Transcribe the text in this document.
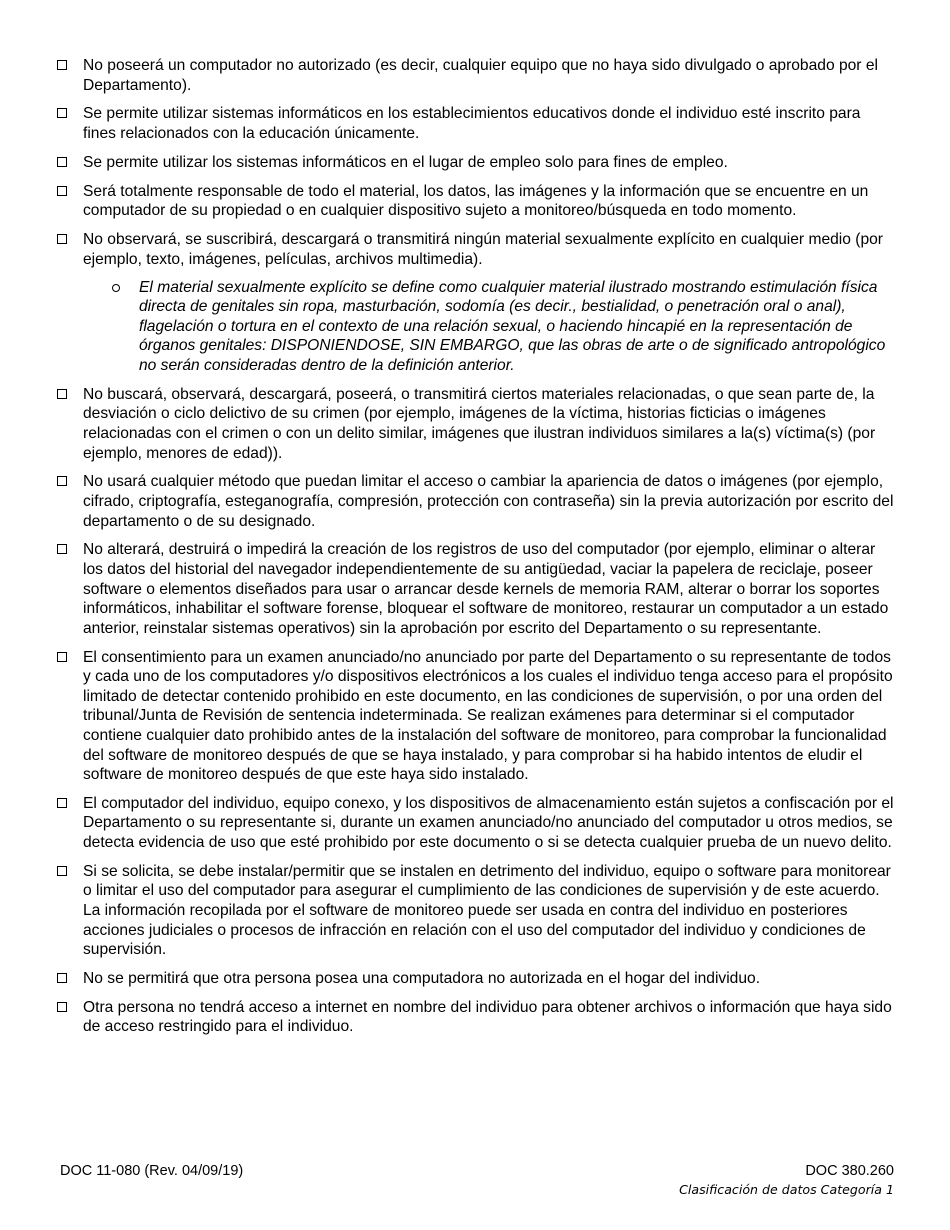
No poseerá un computador no autorizado (es decir, cualquier equipo que no haya sido divulgado o aprobado por el Departamento).
Se permite utilizar sistemas informáticos en los establecimientos educativos donde el individuo esté inscrito para fines relacionados con la educación únicamente.
Se permite utilizar los sistemas informáticos en el lugar de empleo solo para fines de empleo.
Será totalmente responsable de todo el material, los datos, las imágenes y la información que se encuentre en un computador de su propiedad o en cualquier dispositivo sujeto a monitoreo/búsqueda en todo momento.
No observará, se suscribirá, descargará o transmitirá ningún material sexualmente explícito en cualquier medio (por ejemplo, texto, imágenes, películas, archivos multimedia).
El material sexualmente explícito se define como cualquier material ilustrado mostrando estimulación física directa de genitales sin ropa, masturbación, sodomía (es decir., bestialidad, o penetración oral o anal), flagelación o tortura en el contexto de una relación sexual, o haciendo hincapié en la representación de órganos genitales: DISPONIENDOSE, SIN EMBARGO, que las obras de arte o de significado antropológico no serán consideradas dentro de la definición anterior.
No buscará, observará, descargará, poseerá, o transmitirá ciertos materiales relacionadas, o que sean parte de, la desviación o ciclo delictivo de su crimen (por ejemplo, imágenes de la víctima, historias ficticias o imágenes relacionadas con el crimen o con un delito similar, imágenes que ilustran individuos similares a la(s) víctima(s) (por ejemplo, menores de edad)).
No usará cualquier método que puedan limitar el acceso o cambiar la apariencia de datos o imágenes (por ejemplo, cifrado, criptografía, esteganografía, compresión, protección con contraseña) sin la previa autorización por escrito del departamento o de su designado.
No alterará, destruirá o impedirá la creación de los registros de uso del computador (por ejemplo, eliminar o alterar los datos del historial del navegador independientemente de su antigüedad, vaciar la papelera de reciclaje, poseer software o elementos diseñados para usar o arrancar desde kernels de memoria RAM, alterar o borrar los soportes informáticos, inhabilitar el software forense, bloquear el software de monitoreo, restaurar un computador a un estado anterior, reinstalar sistemas operativos) sin la aprobación por escrito del Departamento o su representante.
El consentimiento para un examen anunciado/no anunciado por parte del Departamento o su representante de todos y cada uno de los computadores y/o dispositivos electrónicos a los cuales el individuo tenga acceso para el propósito limitado de detectar contenido prohibido en este documento, en las condiciones de supervisión, o por una orden del tribunal/Junta de Revisión de sentencia indeterminada. Se realizan exámenes para determinar si el computador contiene cualquier dato prohibido antes de la instalación del software de monitoreo, para comprobar la funcionalidad del software de monitoreo después de que se haya instalado, y para comprobar si ha habido intentos de eludir el software de monitoreo después de que este haya sido instalado.
El computador del individuo, equipo conexo, y los dispositivos de almacenamiento están sujetos a confiscación por el Departamento o su representante si, durante un examen anunciado/no anunciado del computador u otros medios, se detecta evidencia de uso que esté prohibido por este documento o si se detecta cualquier prueba de un nuevo delito.
Si se solicita, se debe instalar/permitir que se instalen en detrimento del individuo, equipo o software para monitorear o limitar el uso del computador para asegurar el cumplimiento de las condiciones de supervisión y de este acuerdo. La información recopilada por el software de monitoreo puede ser usada en contra del individuo en posteriores acciones judiciales o procesos de infracción en relación con el uso del computador del individuo y condiciones de supervisión.
No se permitirá que otra persona posea una computadora no autorizada en el hogar del individuo.
Otra persona no tendrá acceso a internet en nombre del individuo para obtener archivos o información que haya sido de acceso restringido para el individuo.
DOC 11-080 (Rev. 04/09/19)	DOC 380.260
Clasificación de datos Categoría 1
